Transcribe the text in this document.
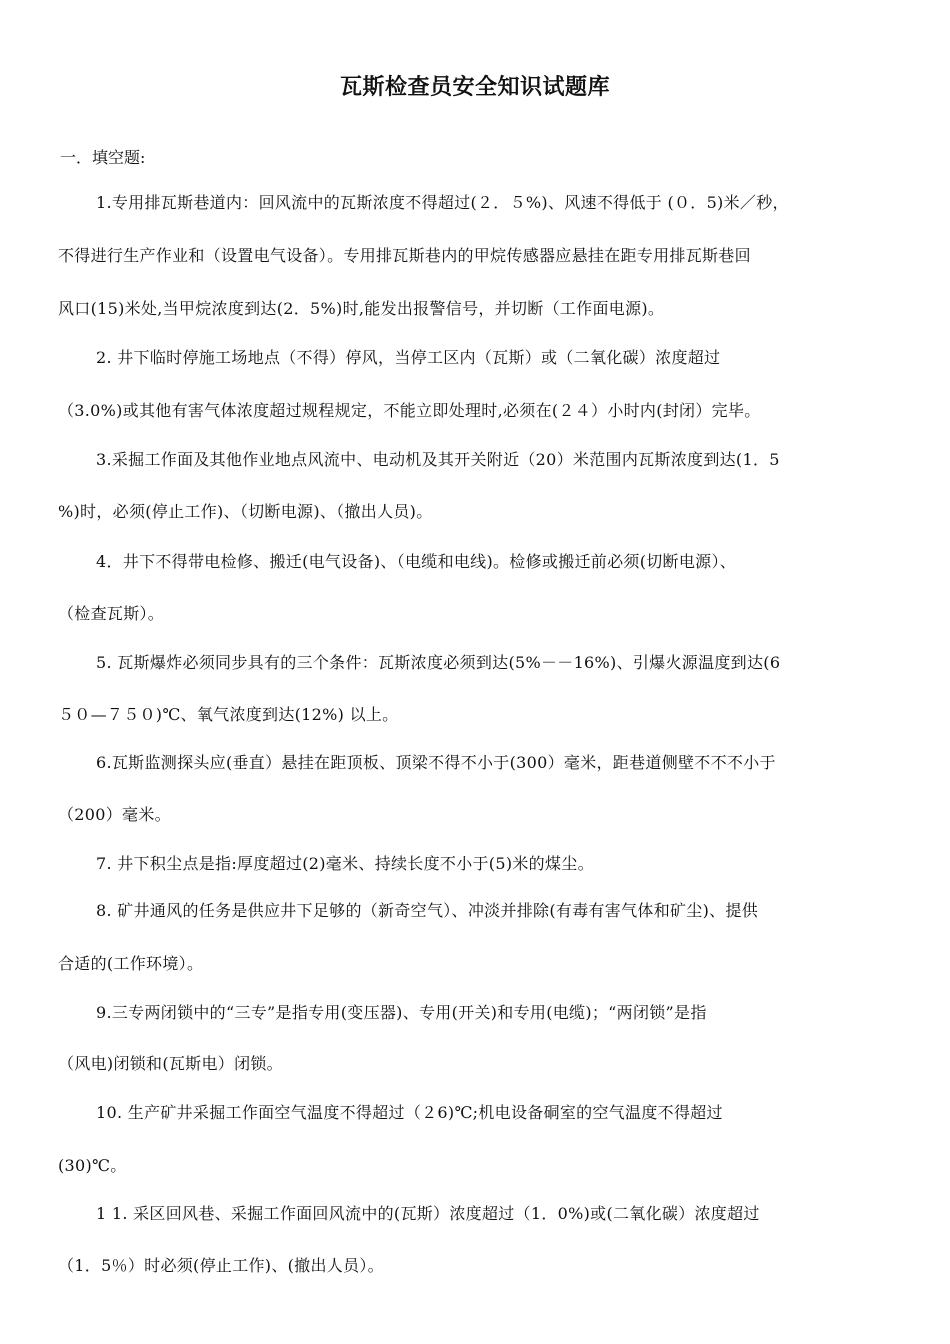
瓦斯检查员安全知识试题库

一．填空题:

1.专用排瓦斯巷道内：回风流中的瓦斯浓度不得超过(２．５%)、风速不得低于 (０．5)米／秒，

不得进行生产作业和（设置电气设备）。专用排瓦斯巷内的甲烷传感器应悬挂在距专用排瓦斯巷回

风口(15)米处,当甲烷浓度到达(2．5%)时,能发出报警信号，并切断（工作面电源)。

2. 井下临时停施工场地点（不得）停风，当停工区内（瓦斯）或（二氧化碳）浓度超过

（3.0%)或其他有害气体浓度超过规程规定，不能立即处理时,必须在(２４）小时内(封闭）完毕。

3.采掘工作面及其他作业地点风流中、电动机及其开关附近（20）米范围内瓦斯浓度到达(1．5

%)时，必须(停止工作)、（切断电源)、（撤出人员)。

4．井下不得带电检修、搬迁(电气设备)、（电缆和电线)。检修或搬迁前必须(切断电源）、

（检查瓦斯）。

5. 瓦斯爆炸必须同步具有的三个条件：瓦斯浓度必须到达(5%－－16%)、引爆火源温度到达(6

５０—７５０)℃、氧气浓度到达(12%) 以上。

6.瓦斯监测探头应(垂直）悬挂在距顶板、顶梁不得不小于(300）毫米，距巷道侧壁不不不小于

（200）毫米。

7. 井下积尘点是指:厚度超过(2)毫米、持续长度不小于(5)米的煤尘。

8. 矿井通风的任务是供应井下足够的（新奇空气）、冲淡并排除(有毒有害气体和矿尘)、提供

合适的(工作环境）。

9.三专两闭锁中的“三专”是指专用(变压器)、专用(开关)和专用(电缆)；“两闭锁”是指

（风电)闭锁和(瓦斯电）闭锁。

10. 生产矿井采掘工作面空气温度不得超过（２6)℃;机电设备硐室的空气温度不得超过

(30)℃。

1 1. 采区回风巷、采掘工作面回风流中的(瓦斯）浓度超过（1．0%)或(二氧化碳）浓度超过

（1．5％）时必须(停止工作)、(撤出人员）。
